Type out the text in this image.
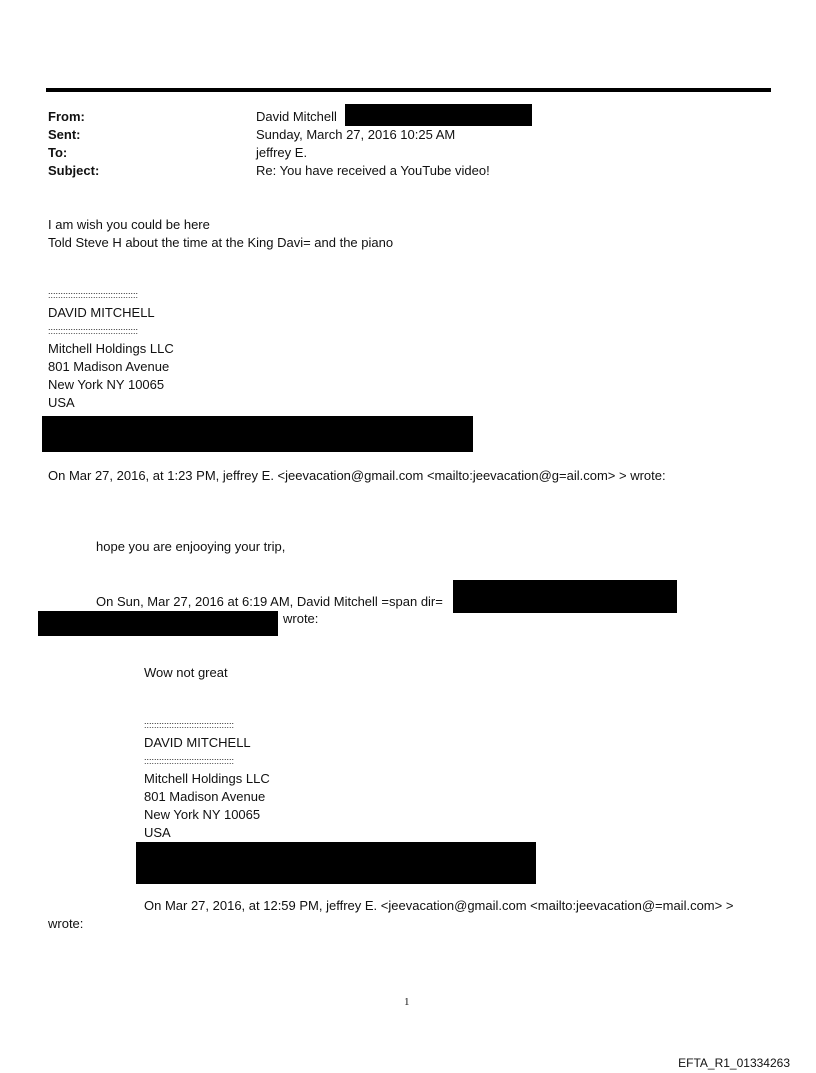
From:	David Mitchell
Sent:	Sunday, March 27, 2016 10:25 AM
To:	jeffrey E.
Subject:	Re: You have received a YouTube video!
I am wish you could be here
Told Steve H about the time at the King Davi= and the piano
::::::::::::::::::::::::::::::::::::
DAVID MITCHELL
::::::::::::::::::::::::::::::::::::
Mitchell Holdings LLC
801 Madison Avenue
New York NY 10065
USA
On Mar 27, 2016, at 1:23 PM, jeffrey E. <jeevacation@gmail.com <mailto:jeevacation@g=ail.com> > wrote:
hope you are enjooying your trip,
On Sun, Mar 27, 2016 at 6:19 AM, David Mitchell =span dir=
wrote:
Wow not great
::::::::::::::::::::::::::::::::::::
DAVID MITCHELL
::::::::::::::::::::::::::::::::::::
Mitchell Holdings LLC
801 Madison Avenue
New York NY 10065
USA
On Mar 27, 2016, at 12:59 PM, jeffrey E. <jeevacation@gmail.com <mailto:jeevacation@=mail.com> >
wrote:
1
EFTA_R1_01334263
